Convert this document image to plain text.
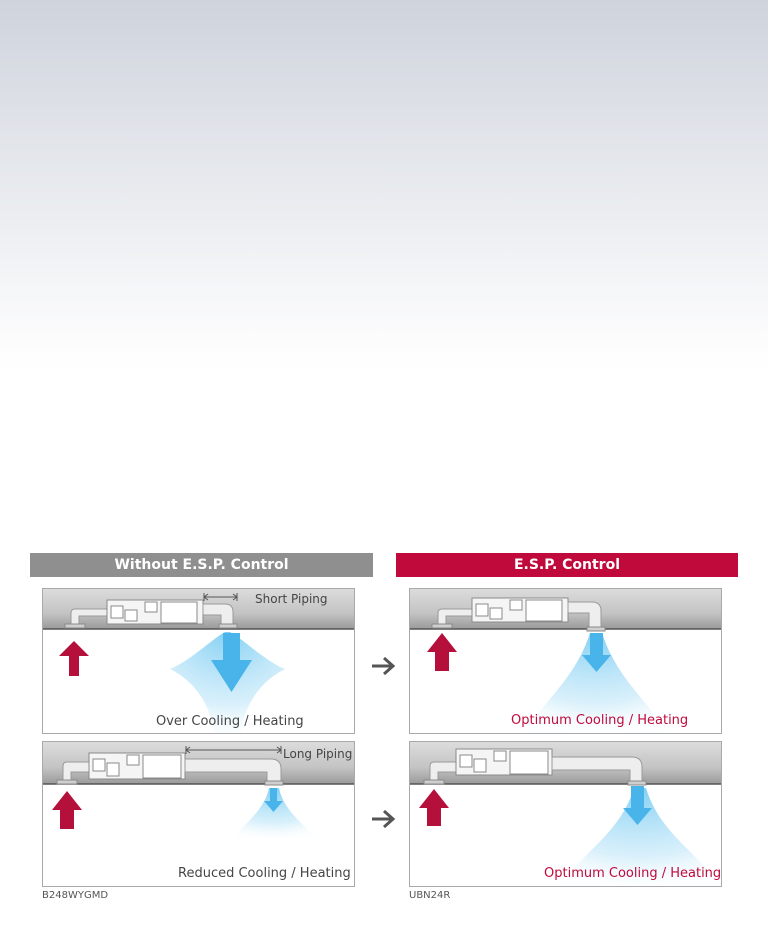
Without E.S.P. Control	E.S.P. Control
Short Piping
Over Cooling / Heating	Optimum Cooling / Heating
Long Piping
Reduced Cooling / Heating	Optimum Cooling / Heating
B248WYGMD	UBN24R
